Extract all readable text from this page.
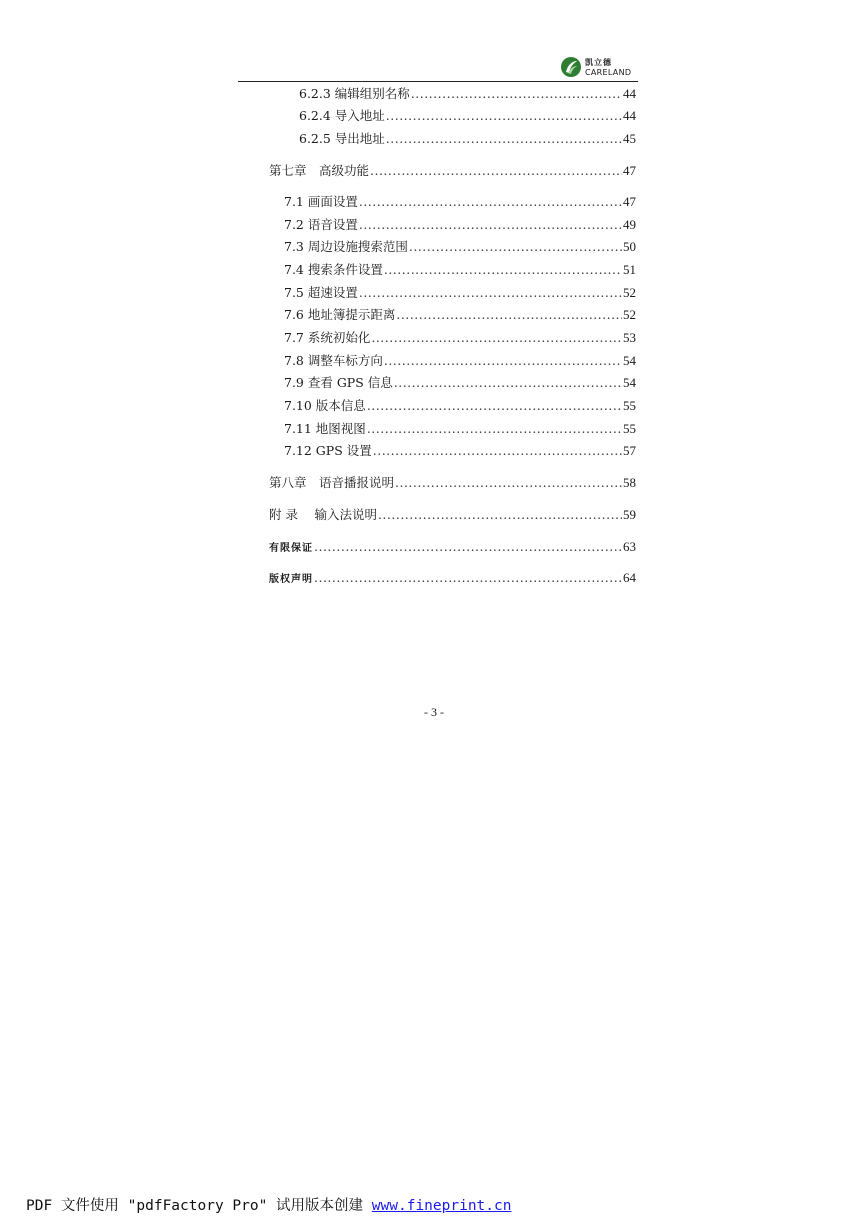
凯立德
CARELAND
6.2.3 编辑组别名称 .....	44
6.2.4 导入地址 .....	44
6.2.5 导出地址 .....	45
第七章　高级功能 .....	47
7.1 画面设置 .....	47
7.2 语音设置 .....	49
7.3 周边设施搜索范围 .....	50
7.4 搜索条件设置 .....	51
7.5 超速设置 .....	52
7.6 地址簿提示距离 .....	52
7.7 系统初始化 .....	53
7.8 调整车标方向 .....	54
7.9 查看 GPS 信息 .....	54
7.10 版本信息 .....	55
7.11 地图视图 .....	55
7.12 GPS 设置 .....	57
第八章　语音播报说明 .....	58
附 录　 输入法说明 .....	59
有限保证 .....	63
版权声明 .....	64
- 3 -
PDF 文件使用 "pdfFactory Pro" 试用版本创建 www.fineprint.cn
